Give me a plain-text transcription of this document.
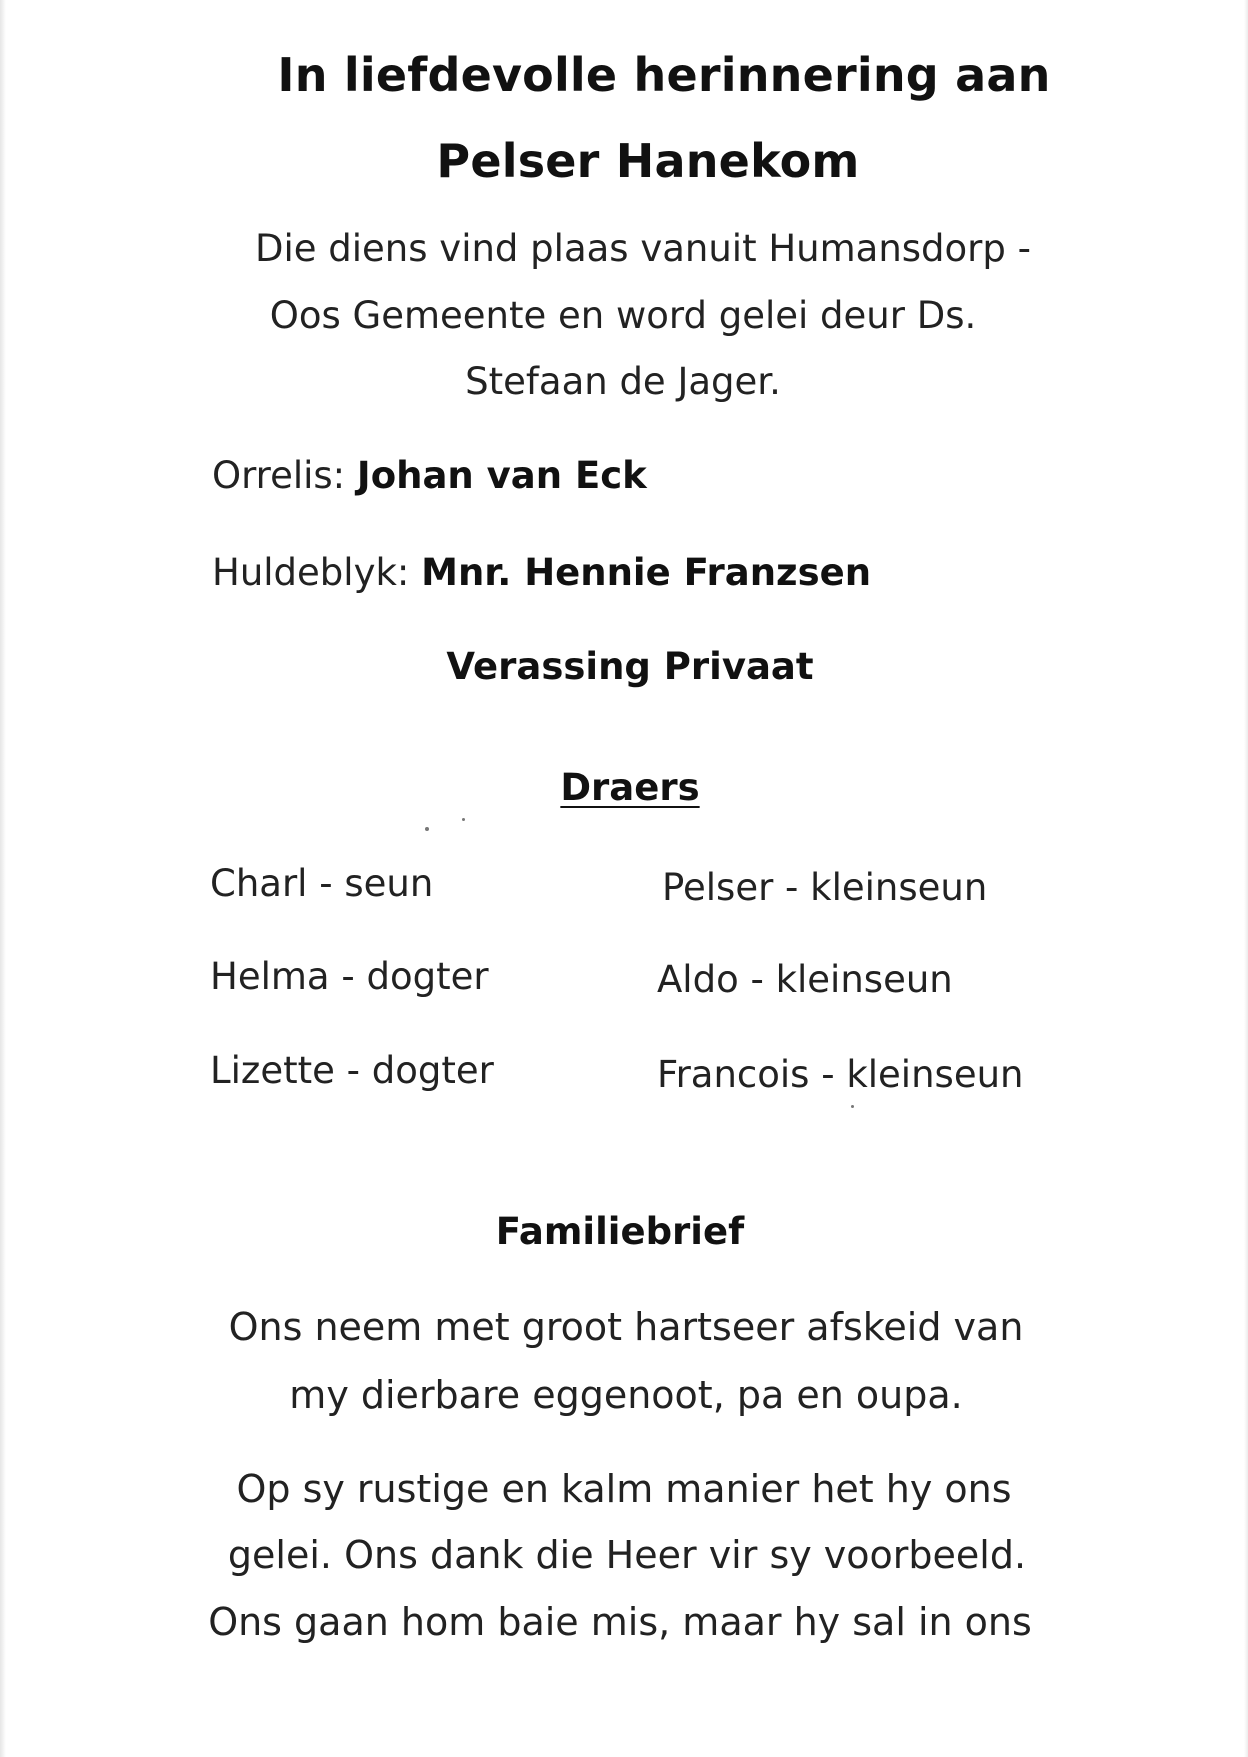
In liefdevolle herinnering aan
Pelser Hanekom
Die diens vind plaas vanuit Humansdorp -
Oos Gemeente en word gelei deur Ds.
Stefaan de Jager.
Orrelis: Johan van Eck
Huldeblyk: Mnr. Hennie Franzsen
Verassing Privaat
Draers
Charl - seun
Helma - dogter
Lizette - dogter
Pelser - kleinseun
Aldo - kleinseun
Francois - kleinseun
Familiebrief
Ons neem met groot hartseer afskeid van
my dierbare eggenoot, pa en oupa.
Op sy rustige en kalm manier het hy ons
gelei. Ons dank die Heer vir sy voorbeeld.
Ons gaan hom baie mis, maar hy sal in ons
